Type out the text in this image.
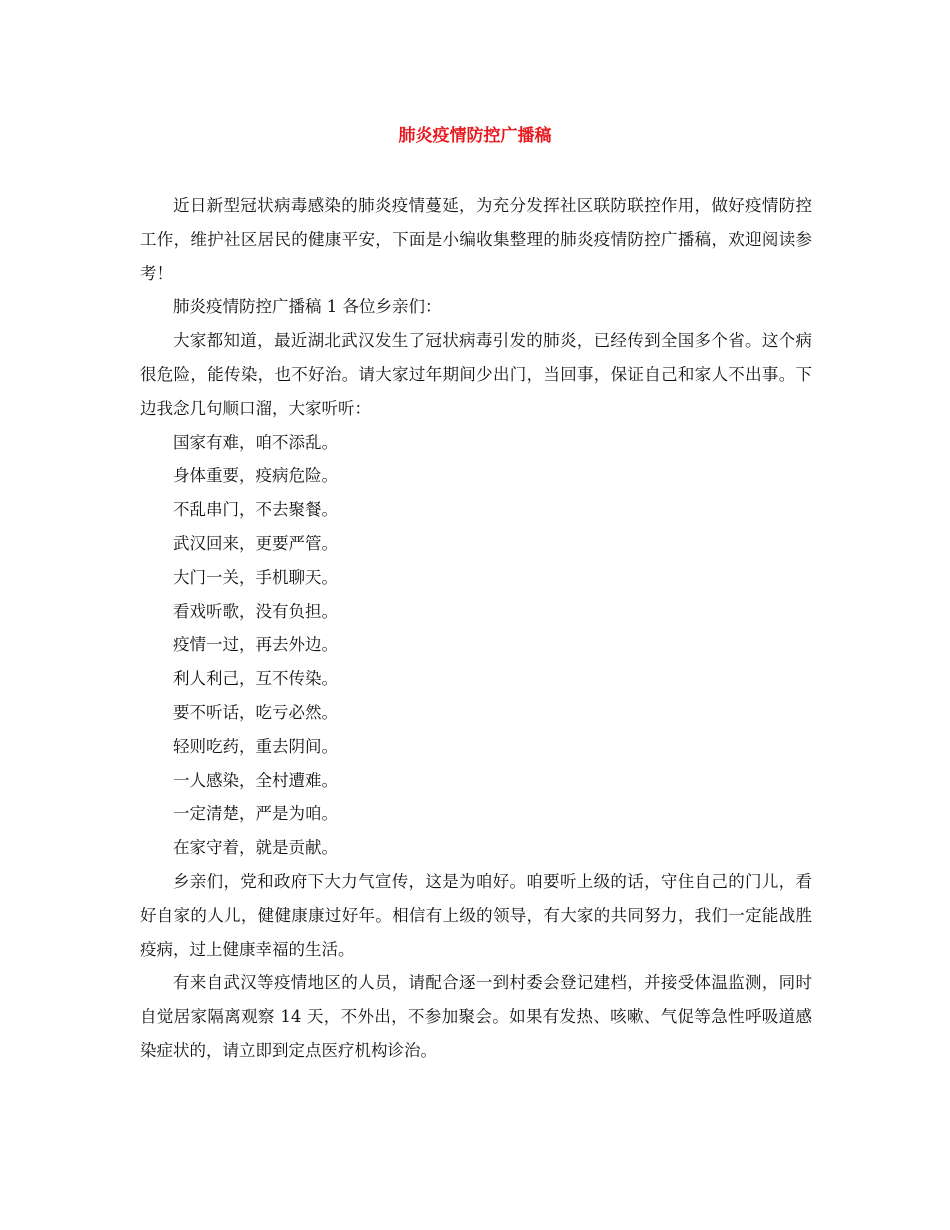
肺炎疫情防控广播稿

近日新型冠状病毒感染的肺炎疫情蔓延，为充分发挥社区联防联控作用，做好疫情防控工作，维护社区居民的健康平安，下面是小编收集整理的肺炎疫情防控广播稿，欢迎阅读参考！

肺炎疫情防控广播稿 1 各位乡亲们：

大家都知道，最近湖北武汉发生了冠状病毒引发的肺炎，已经传到全国多个省。这个病很危险，能传染，也不好治。请大家过年期间少出门，当回事，保证自己和家人不出事。下边我念几句顺口溜，大家听听：

国家有难，咱不添乱。

身体重要，疫病危险。

不乱串门，不去聚餐。

武汉回来，更要严管。

大门一关，手机聊天。

看戏听歌，没有负担。

疫情一过，再去外边。

利人利己，互不传染。

要不听话，吃亏必然。

轻则吃药，重去阴间。

一人感染，全村遭难。

一定清楚，严是为咱。

在家守着，就是贡献。

乡亲们，党和政府下大力气宣传，这是为咱好。咱要听上级的话，守住自己的门儿，看好自家的人儿，健健康康过好年。相信有上级的领导，有大家的共同努力，我们一定能战胜疫病，过上健康幸福的生活。

有来自武汉等疫情地区的人员，请配合逐一到村委会登记建档，并接受体温监测，同时自觉居家隔离观察 14 天，不外出，不参加聚会。如果有发热、咳嗽、气促等急性呼吸道感染症状的，请立即到定点医疗机构诊治。
